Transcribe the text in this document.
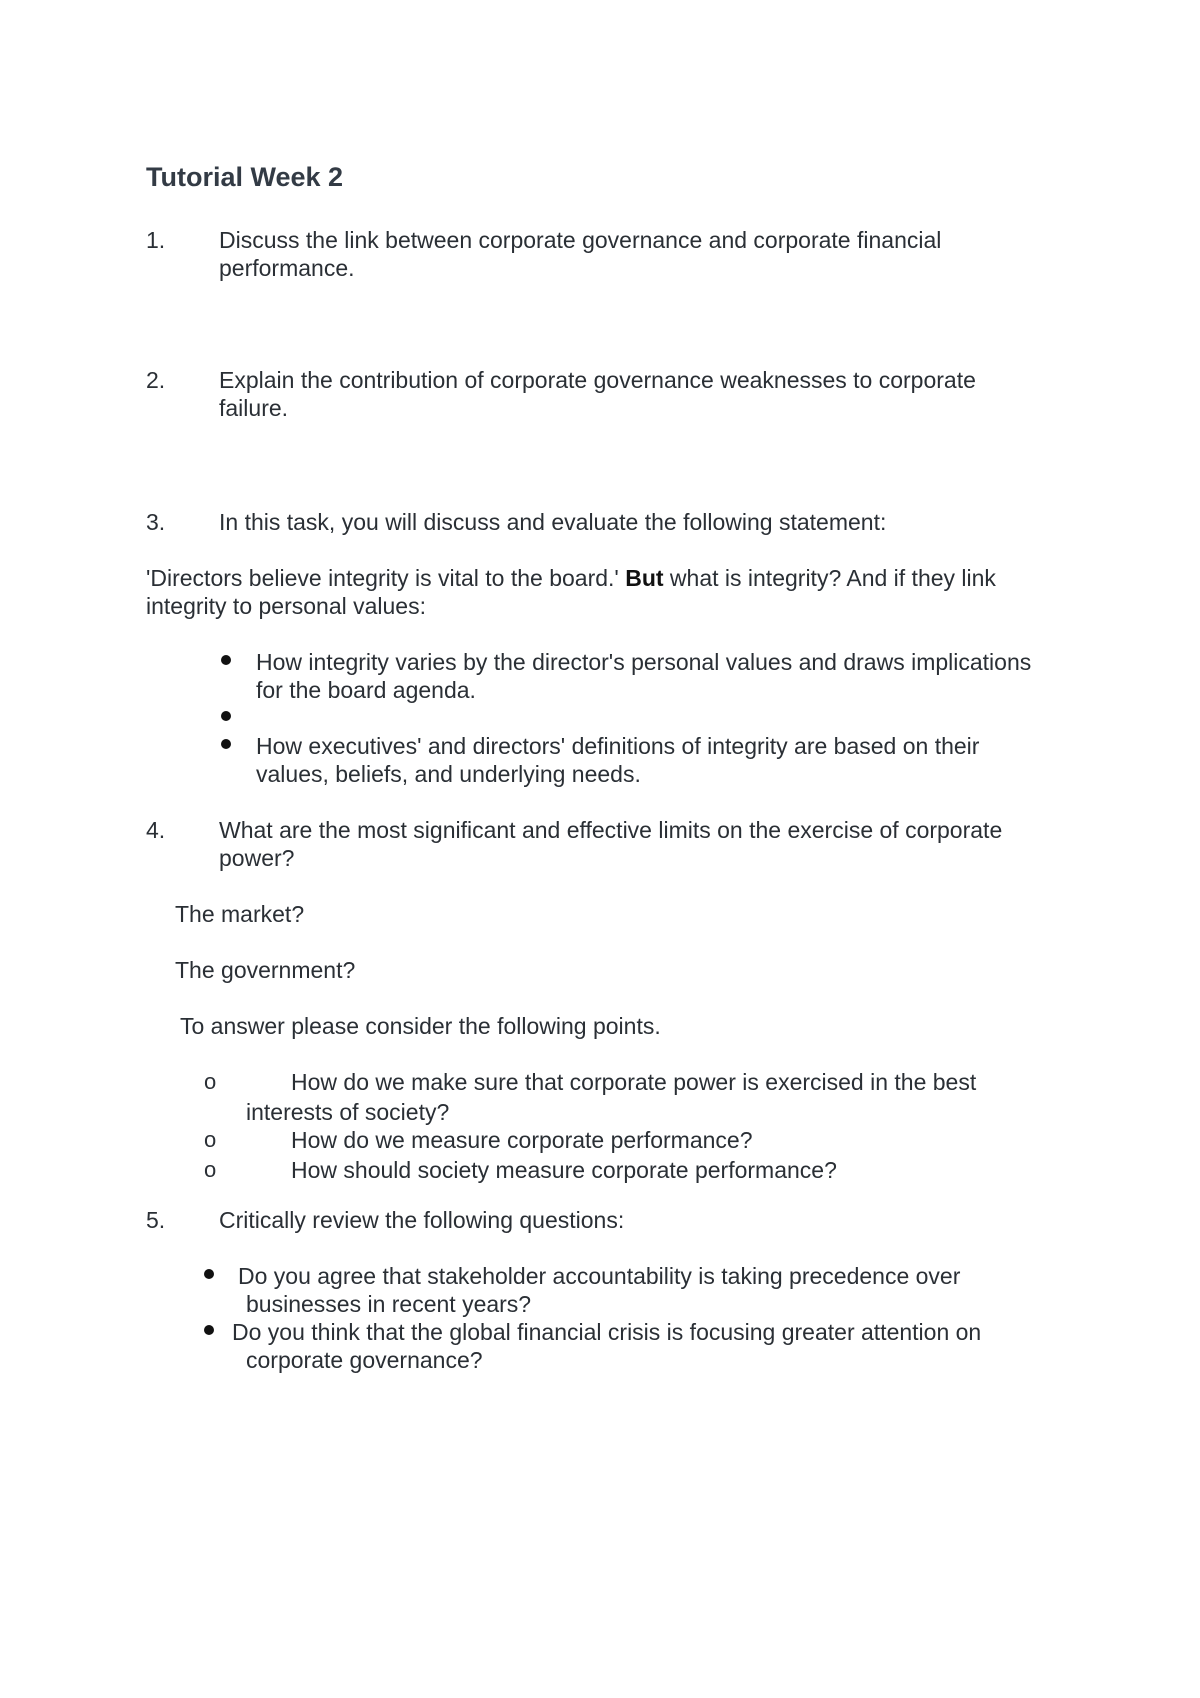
Tutorial Week 2
1. Discuss the link between corporate governance and corporate financial
performance.
2. Explain the contribution of corporate governance weaknesses to corporate
failure.
3. In this task, you will discuss and evaluate the following statement:
'Directors believe integrity is vital to the board.' But what is integrity? And if they link
integrity to personal values:
How integrity varies by the director's personal values and draws implications
for the board agenda.
How executives' and directors' definitions of integrity are based on their
values, beliefs, and underlying needs.
4. What are the most significant and effective limits on the exercise of corporate
power?
The market?
The government?
To answer please consider the following points.
o	How do we make sure that corporate power is exercised in the best
interests of society?
o	How do we measure corporate performance?
o	How should society measure corporate performance?
5. Critically review the following questions:
Do you agree that stakeholder accountability is taking precedence over
businesses in recent years?
Do you think that the global financial crisis is focusing greater attention on
corporate governance?
